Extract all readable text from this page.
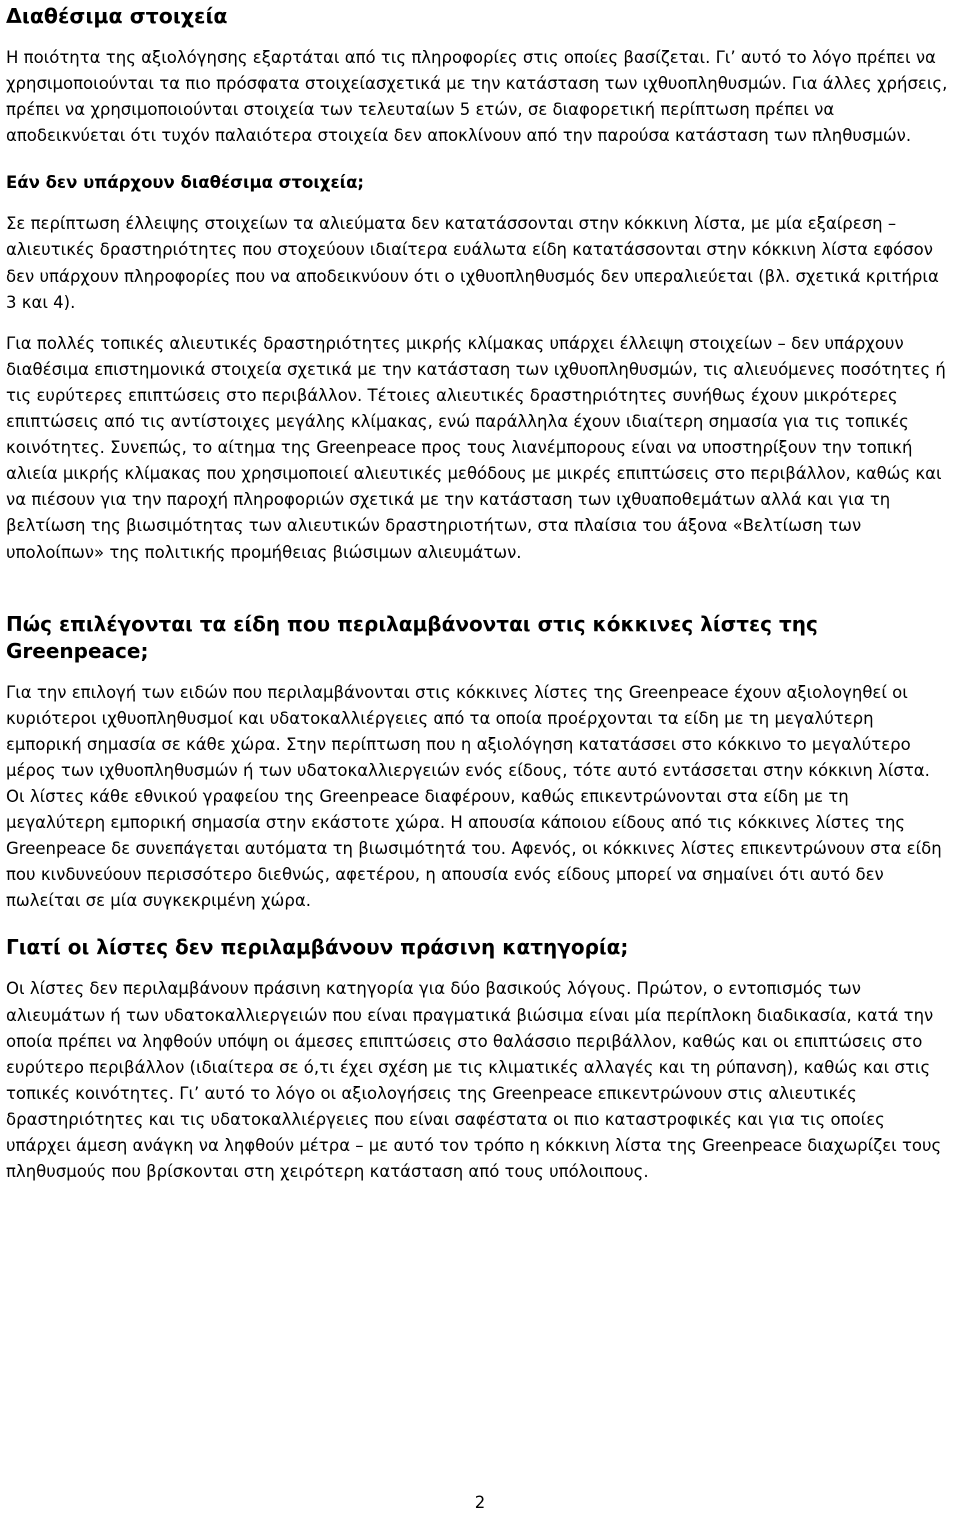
Διαθέσιμα στοιχεία

Η ποιότητα της αξιολόγησης εξαρτάται από τις πληροφορίες στις οποίες βασίζεται. Γι’ αυτό το λόγο πρέπει να χρησιμοποιούνται τα πιο πρόσφατα στοιχείασχετικά με την κατάσταση των ιχθυοπληθυσμών. Για άλλες χρήσεις, πρέπει να χρησιμοποιούνται στοιχεία των τελευταίων 5 ετών, σε διαφορετική περίπτωση πρέπει να αποδεικνύεται ότι τυχόν παλαιότερα στοιχεία δεν αποκλίνουν από την παρούσα κατάσταση των πληθυσμών.

Εάν δεν υπάρχουν διαθέσιμα στοιχεία;

Σε περίπτωση έλλειψης στοιχείων τα αλιεύματα δεν κατατάσσονται στην κόκκινη λίστα, με μία εξαίρεση – αλιευτικές δραστηριότητες που στοχεύουν ιδιαίτερα ευάλωτα είδη κατατάσσονται στην κόκκινη λίστα εφόσον δεν υπάρχουν πληροφορίες που να αποδεικνύουν ότι ο ιχθυοπληθυσμός δεν υπεραλιεύεται (βλ. σχετικά κριτήρια 3 και 4).

Για πολλές τοπικές αλιευτικές δραστηριότητες μικρής κλίμακας υπάρχει έλλειψη στοιχείων – δεν υπάρχουν διαθέσιμα επιστημονικά στοιχεία σχετικά με την κατάσταση των ιχθυοπληθυσμών, τις αλιευόμενες ποσότητες ή τις ευρύτερες επιπτώσεις στο περιβάλλον. Τέτοιες αλιευτικές δραστηριότητες συνήθως έχουν μικρότερες επιπτώσεις από τις αντίστοιχες μεγάλης κλίμακας, ενώ παράλληλα έχουν ιδιαίτερη σημασία για τις τοπικές κοινότητες. Συνεπώς, το αίτημα της Greenpeace προς τους λιανέμπορους είναι να υποστηρίξουν την τοπική αλιεία μικρής κλίμακας που χρησιμοποιεί αλιευτικές μεθόδους με μικρές επιπτώσεις στο περιβάλλον, καθώς και να πιέσουν για την παροχή πληροφοριών σχετικά με την κατάσταση των ιχθυαποθεμάτων αλλά και για τη βελτίωση της βιωσιμότητας των αλιευτικών δραστηριοτήτων, στα πλαίσια του άξονα «Βελτίωση των υπολοίπων» της πολιτικής προμήθειας βιώσιμων αλιευμάτων.

Πώς επιλέγονται τα είδη που περιλαμβάνονται στις κόκκινες λίστες της Greenpeace;

Για την επιλογή των ειδών που περιλαμβάνονται στις κόκκινες λίστες της Greenpeace έχουν αξιολογηθεί οι κυριότεροι ιχθυοπληθυσμοί και υδατοκαλλιέργειες από τα οποία προέρχονται τα είδη με τη μεγαλύτερη εμπορική σημασία σε κάθε χώρα. Στην περίπτωση που η αξιολόγηση κατατάσσει στο κόκκινο το μεγαλύτερο μέρος των ιχθυοπληθυσμών ή των υδατοκαλλιεργειών ενός είδους, τότε αυτό εντάσσεται στην κόκκινη λίστα. Οι λίστες κάθε εθνικού γραφείου της Greenpeace διαφέρουν, καθώς επικεντρώνονται στα είδη με τη μεγαλύτερη εμπορική σημασία στην εκάστοτε χώρα. Η απουσία κάποιου είδους από τις κόκκινες λίστες της Greenpeace δε συνεπάγεται αυτόματα τη βιωσιμότητά του. Αφενός, οι κόκκινες λίστες επικεντρώνουν στα είδη που κινδυνεύουν περισσότερο διεθνώς, αφετέρου, η απουσία ενός είδους μπορεί να σημαίνει ότι αυτό δεν πωλείται σε μία συγκεκριμένη χώρα.

Γιατί οι λίστες δεν περιλαμβάνουν πράσινη κατηγορία;

Οι λίστες δεν περιλαμβάνουν πράσινη κατηγορία για δύο βασικούς λόγους. Πρώτον, ο εντοπισμός των αλιευμάτων ή των υδατοκαλλιεργειών που είναι πραγματικά βιώσιμα είναι μία περίπλοκη διαδικασία, κατά την οποία πρέπει να ληφθούν υπόψη οι άμεσες επιπτώσεις στο θαλάσσιο περιβάλλον, καθώς και οι επιπτώσεις στο ευρύτερο περιβάλλον (ιδιαίτερα σε ό,τι έχει σχέση με τις κλιματικές αλλαγές και τη ρύπανση), καθώς και στις τοπικές κοινότητες. Γι’ αυτό το λόγο οι αξιολογήσεις της Greenpeace επικεντρώνουν στις αλιευτικές δραστηριότητες και τις υδατοκαλλιέργειες που είναι σαφέστατα οι πιο καταστροφικές και για τις οποίες υπάρχει άμεση ανάγκη να ληφθούν μέτρα – με αυτό τον τρόπο η κόκκινη λίστα της Greenpeace διαχωρίζει τους πληθυσμούς που βρίσκονται στη χειρότερη κατάσταση από τους υπόλοιπους.

2
